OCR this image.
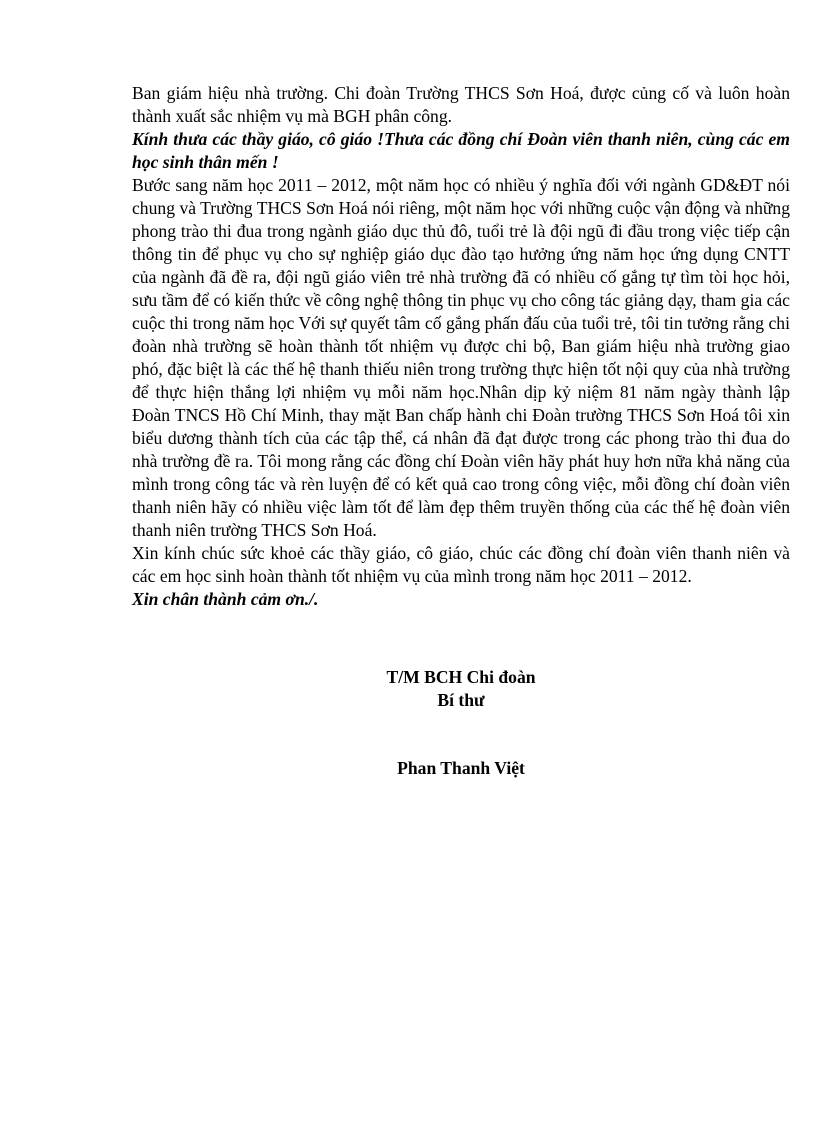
Ban giám hiệu nhà trường. Chi đoàn Trường THCS Sơn Hoá, được củng cố và luôn hoàn thành xuất sắc nhiệm vụ mà BGH phân công.

Kính thưa các thầy giáo, cô giáo !Thưa các đồng chí Đoàn viên thanh niên, cùng các em học sinh thân mến !

Bước sang năm học 2011 – 2012, một năm học có nhiều ý nghĩa đối với ngành GD&ĐT nói chung và Trường THCS Sơn Hoá nói riêng, một năm học với những cuộc vận động và những phong trào thi đua trong ngành giáo dục thủ đô, tuổi trẻ là đội ngũ đi đầu trong việc tiếp cận thông tin để phục vụ cho sự nghiệp giáo dục đào tạo hưởng ứng năm học ứng dụng CNTT của ngành đã đề ra, đội ngũ giáo viên trẻ nhà trường đã có nhiều cố gắng tự tìm tòi học hỏi, sưu tầm để có kiến thức về công nghệ thông tin phục vụ cho công tác giảng dạy, tham gia các cuộc thi trong năm học Với sự quyết tâm cố gắng phấn đấu của tuổi trẻ, tôi tin tưởng rằng chi đoàn nhà trường sẽ hoàn thành tốt nhiệm vụ được chi bộ, Ban giám hiệu nhà trường giao phó, đặc biệt là các thế hệ thanh thiếu niên trong trường thực hiện tốt nội quy của nhà trường để thực hiện thắng lợi nhiệm vụ mỗi năm học.Nhân dịp kỷ niệm 81 năm ngày thành lập Đoàn TNCS Hồ Chí Minh, thay mặt Ban chấp hành chi Đoàn trường THCS Sơn Hoá tôi xin biểu dương thành tích của các tập thể, cá nhân đã đạt được trong các phong trào thi đua do nhà trường đề ra. Tôi mong rằng các đồng chí Đoàn viên hãy phát huy hơn nữa khả năng của mình trong công tác và rèn luyện để có kết quả cao trong công việc, mỗi đồng chí đoàn viên thanh niên hãy có nhiều việc làm tốt để làm đẹp thêm truyền thống của các thế hệ đoàn viên thanh niên trường THCS Sơn Hoá.

Xin kính chúc sức khoẻ các thầy giáo, cô giáo, chúc các đồng chí đoàn viên thanh niên và các em học sinh hoàn thành tốt nhiệm vụ của mình trong năm học 2011 – 2012.

Xin chân thành cảm ơn./.

T/M BCH Chi đoàn
Bí thư
Phan Thanh Việt
